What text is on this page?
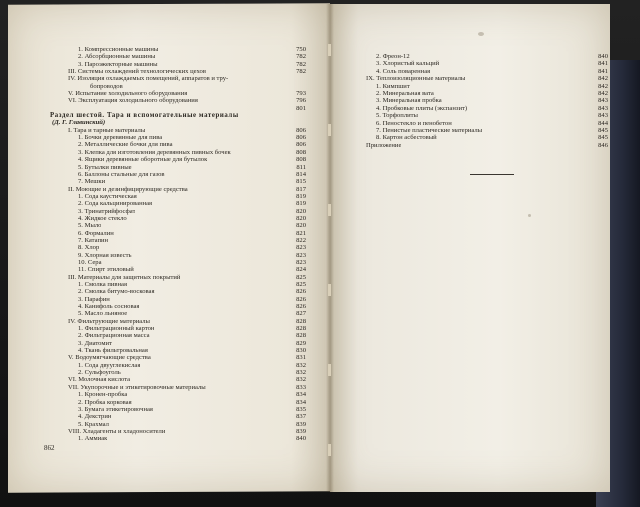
1. Компрессионные машины	750
2. Абсорбционные машины	782
3. Пароэжекторные машины	782
III. Системы охлаждений технологических цехов	782
IV. Изоляция охлаждаемых помещений, аппаратов и тру-
бопроводов
V. Испытание холодильного оборудования	793
VI. Эксплуатация холодильного оборудования	796
801
Раздел шестой. Тара и вспомогательные материалы
(Д. Г. Главинский)
I. Тара и тарные материалы	806
1. Бочки деревянные для пива	806
2. Металлические бочки для пива	806
3. Клепка для изготовления деревянных пивных бочек	808
4. Ящики деревянные оборотные для бутылок	808
5. Бутылки пивные	811
6. Баллоны стальные для газов	814
7. Мешки	815
II. Моющие и дезинфицирующие средства	817
1. Сода каустическая	819
2. Сода кальцинированная	819
3. Тринатрийфосфат	820
4. Жидкое стекло	820
5. Мыло	820
6. Формалин	821
7. Катапин	822
8. Хлор	823
9. Хлорная известь	823
10. Сера	823
11. Спирт этиловый	824
III. Материалы для защитных покрытий	825
1. Смолка пивная	825
2. Смолка битумо-восковая	826
3. Парафин	826
4. Канифоль сосновая	826
5. Масло льняное	827
IV. Фильтрующие материалы	828
1. Фильтрационный картон	828
2. Фильтрационная масса	828
3. Диатомит	829
4. Ткань фильтровальная	830
V. Водоумягчающие средства	831
1. Сода двууглекислая	832
2. Сульфоуголь	832
VI. Молочная кислота	832
VII. Укупорочные и этикетировочные материалы	833
1. Кронен-пробка	834
2. Пробка корковая	834
3. Бумага этикетировочная	835
4. Декстрин	837
5. Крахмал	839
VIII. Хладагенты и хладоносители	839
1. Аммиак	840
2. Фреон-12	840
3. Хлористый кальций	841
4. Соль поваренная	841
IX. Теплоизоляционные материалы	842
1. Кимпшит	842
2. Минеральная вата	842
3. Минеральная пробка	843
4. Пробковые плиты (экспанзит)	843
5. Торфоплиты	843
6. Пеностекло и пенобетон	844
7. Пенистые пластические материалы	845
8. Картон асбестовый	845
Приложение	846
862
